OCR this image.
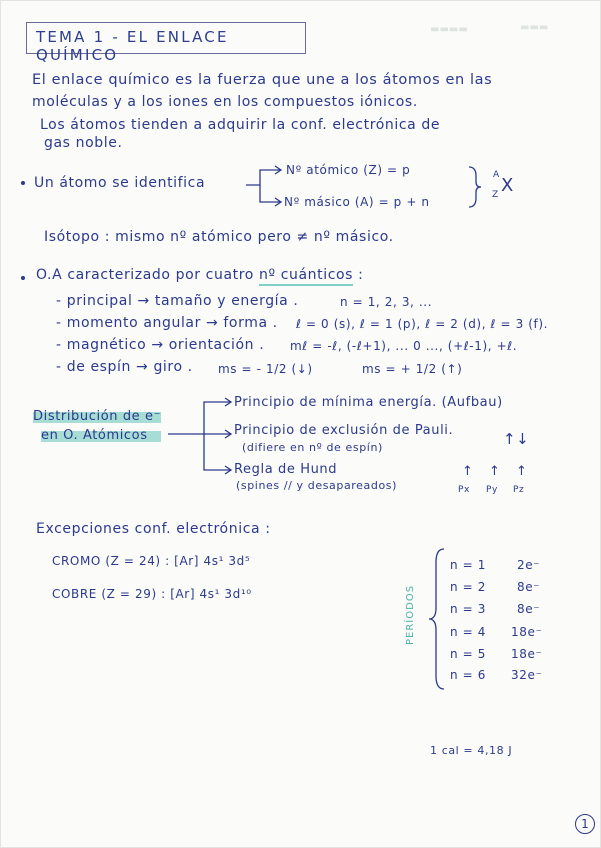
▬▬▬▬	▬▬▬
TEMA 1 - EL ENLACE QUÍMICO
El enlace químico es la fuerza que une a los átomos en las
moléculas y a los iones en los compuestos iónicos.
Los átomos tienden a adquirir la conf. electrónica de
gas noble.
Un átomo se identifica
Nº atómico (Z) = p
Nº másico (A) = p + n
A
Z X
Isótopo : mismo nº atómico pero ≠ nº másico.
O.A caracterizado por cuatro nº cuánticos :
- principal → tamaño y energía .	n = 1, 2, 3, ...
- momento angular → forma . ℓ = 0 (s), ℓ = 1 (p), ℓ = 2 (d), ℓ = 3 (f).
- magnético → orientación . mℓ = -ℓ, (-ℓ+1), ... 0 ..., (+ℓ-1), +ℓ.
- de espín → giro . ms = - 1/2 (↓)	ms = + 1/2 (↑)
Distribución de e⁻
en O. Atómicos
Principio de mínima energía. (Aufbau)
Principio de exclusión de Pauli.
(difiere en nº de espín)	↑↓
Regla de Hund
(spines // y desapareados)
↑ ↑ ↑
Px Py Pz
Excepciones conf. electrónica :
CROMO (Z = 24) : [Ar] 4s¹ 3d⁵
COBRE (Z = 29) : [Ar] 4s¹ 3d¹⁰	PERÍODOS
n = 1	2e⁻
n = 2	8e⁻
n = 3	8e⁻
n = 4 18e⁻
n = 5 18e⁻
n = 6 32e⁻
1 cal = 4,18 J
1
